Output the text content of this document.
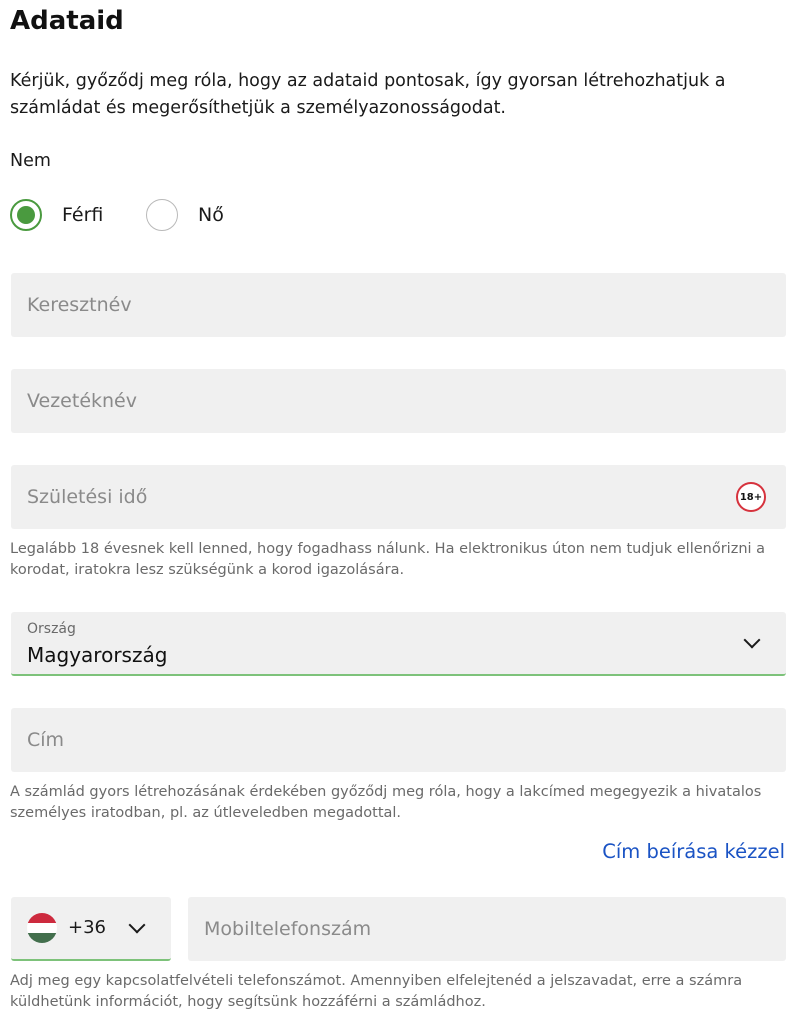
Adataid

Kérjük, győződj meg róla, hogy az adataid pontosak, így gyorsan létrehozhatjuk a számládat és megerősíthetjük a személyazonosságodat.

Nem
Férfi	Nő
Keresztnév
Vezetéknév
Születési idő
18+

Legalább 18 évesnek kell lenned, hogy fogadhass nálunk. Ha elektronikus úton nem tudjuk ellenőrizni a korodat, iratokra lesz szükségünk a korod igazolására.

Ország
Magyarország
Cím

A számlád gyors létrehozásának érdekében győződj meg róla, hogy a lakcímed megegyezik a hivatalos személyes iratodban, pl. az útleveledben megadottal.

Cím beírása kézzel
+36
Mobiltelefonszám

Adj meg egy kapcsolatfelvételi telefonszámot. Amennyiben elfelejtenéd a jelszavadat, erre a számra küldhetünk információt, hogy segítsünk hozzáférni a számládhoz.
